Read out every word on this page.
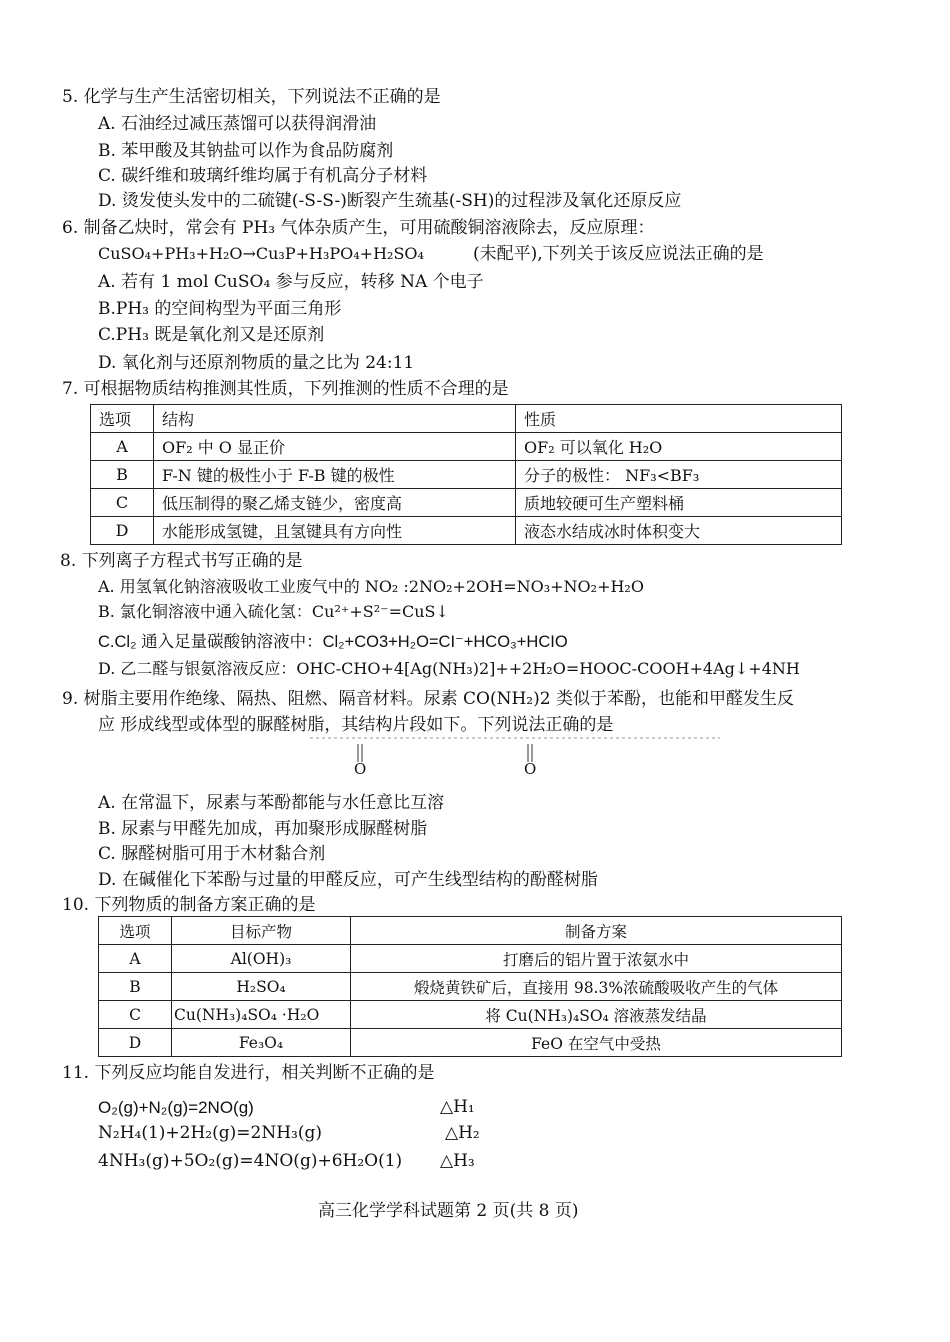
5. 化学与生产生活密切相关，下列说法不正确的是
A. 石油经过减压蒸馏可以获得润滑油
B. 苯甲酸及其钠盐可以作为食品防腐剂
C. 碳纤维和玻璃纤维均属于有机高分子材料
D. 烫发使头发中的二硫键(-S-S-)断裂产生巯基(-SH)的过程涉及氧化还原反应
6. 制备乙炔时，常会有 PH₃ 气体杂质产生，可用硫酸铜溶液除去，反应原理：
CuSO₄+PH₃+H₂O→Cu₃P+H₃PO₄+H₂SO₄	(未配平),下列关于该反应说法正确的是
A. 若有 1 mol CuSO₄ 参与反应，转移 NA 个电子
B.PH₃ 的空间构型为平面三角形
C.PH₃ 既是氧化剂又是还原剂
D. 氧化剂与还原剂物质的量之比为 24:11
7. 可根据物质结构推测其性质，下列推测的性质不合理的是
选项	结构	性质
A	OF₂ 中 O 显正价	OF₂ 可以氧化 H₂O
B	F-N 键的极性小于 F-B 键的极性	分子的极性： NF₃<BF₃
C	低压制得的聚乙烯支链少，密度高	质地较硬可生产塑料桶
D	水能形成氢键，且氢键具有方向性	液态水结成冰时体积变大
8. 下列离子方程式书写正确的是
A. 用氢氧化钠溶液吸收工业废气中的 NO₂ :2NO₂+2OH=NO₃+NO₂+H₂O
B. 氯化铜溶液中通入硫化氢：Cu²⁺+S²⁻=CuS↓
C.Cl₂ 通入足量碳酸钠溶液中：Cl₂+CO3+H₂O=CI⁻+HCO₃+HCIO
D. 乙二醛与银氨溶液反应：OHC-CHO+4[Ag(NH₃)2]++2H₂O=HOOC-COOH+4Ag↓+4NH
9. 树脂主要用作绝缘、隔热、阻燃、隔音材料。尿素 CO(NH₂)2 类似于苯酚，也能和甲醛发生反
应 形成线型或体型的脲醛树脂，其结构片段如下。下列说法正确的是
O	O
A. 在常温下，尿素与苯酚都能与水任意比互溶
B. 尿素与甲醛先加成，再加聚形成脲醛树脂
C. 脲醛树脂可用于木材黏合剂
D. 在碱催化下苯酚与过量的甲醛反应，可产生线型结构的酚醛树脂
10. 下列物质的制备方案正确的是
选项	目标产物	制备方案
A	Al(OH)₃	打磨后的铝片置于浓氨水中
B	H₂SO₄	煅烧黄铁矿后，直接用 98.3%浓硫酸吸收产生的气体
C	Cu(NH₃)₄SO₄ ·H₂O	将 Cu(NH₃)₄SO₄ 溶液蒸发结晶
D	Fe₃O₄	FeO 在空气中受热
11. 下列反应均能自发进行，相关判断不正确的是
O₂(g)+N₂(g)=2NO(g)	△H₁
N₂H₄(1)+2H₂(g)=2NH₃(g)	△H₂
4NH₃(g)+5O₂(g)=4NO(g)+6H₂O(1) △H₃
高三化学学科试题第 2 页(共 8 页)
